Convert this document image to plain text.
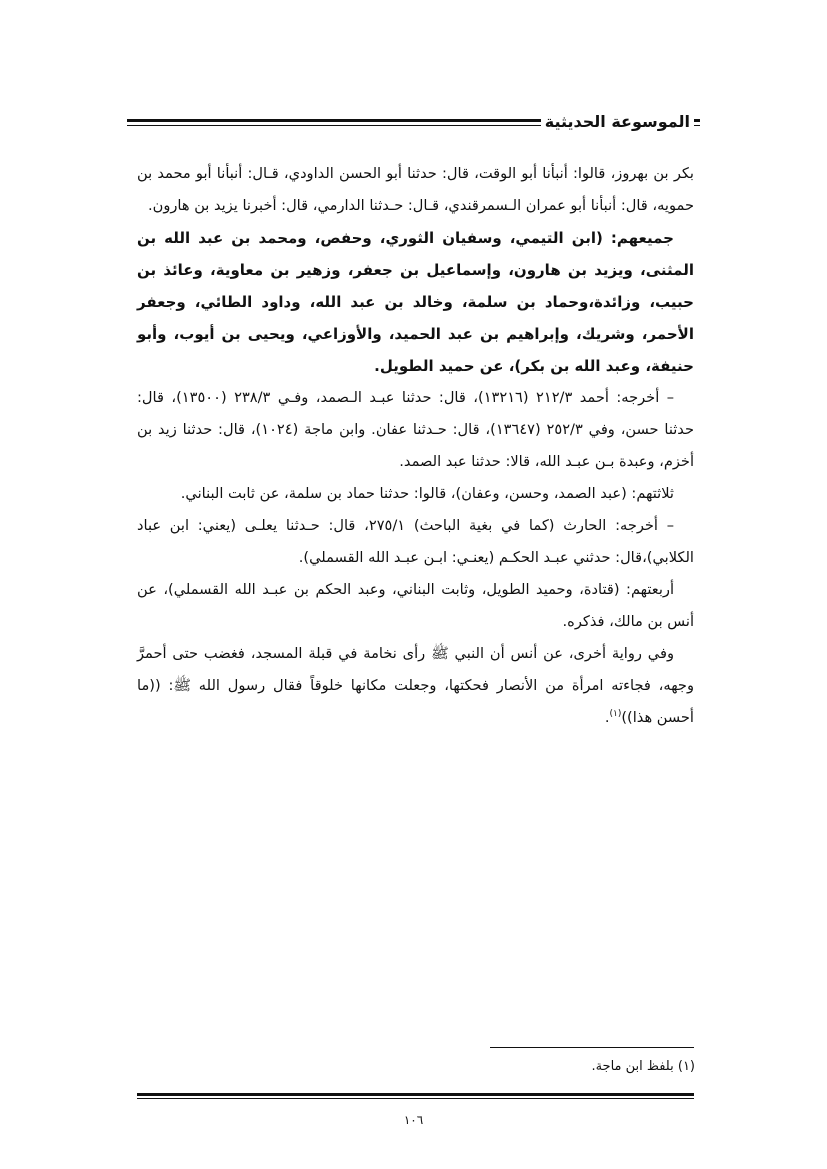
الموسوعة الحديثية

بكر بن بهروز، قالوا: أنبأنا أبو الوقت، قال: حدثنا أبو الحسن الداودي، قـال: أنبأنا أبو محمد بن حمويه، قال: أنبأنا أبو عمران الـسمرقندي، قـال: حـدثنا الدارمي، قال: أخبرنا يزيد بن هارون.

جميعهم: (ابن التيمي، وسفيان الثوري، وحفص، ومحمد بن عبد الله بن المثنى، ويزيد بن هارون، وإسماعيل بن جعفر، وزهير بن معاوية، وعائذ بن حبيب، وزائدة،وحماد بن سلمة، وخالد بن عبد الله، وداود الطائي، وجعفر الأحمر، وشريك، وإبراهيم بن عبد الحميد، والأوزاعي، ويحيى بن أيوب، وأبو حنيفة، وعبد الله بن بكر)، عن حميد الطويل.

– أخرجه: أحمد ٢١٢/٣ (١٣٢١٦)، قال: حدثنا عبـد الـصمد، وفـي ٢٣٨/٣ (١٣٥٠٠)، قال: حدثنا حسن، وفي ٢٥٢/٣ (١٣٦٤٧)، قال: حـدثنا عفان. وابن ماجة (١٠٢٤)، قال: حدثنا زيد بن أخزم، وعبدة بـن عبـد الله، قالا: حدثنا عبد الصمد.

ثلاثتهم: (عبد الصمد، وحسن، وعفان)، قالوا: حدثنا حماد بن سلمة، عن ثابت البناني.

– أخرجه: الحارث (كما في بغية الباحث) ٢٧٥/١، قال: حـدثنا يعلـى (يعني: ابن عباد الكلابي)،قال: حدثني عبـد الحكـم (يعنـي: ابـن عبـد الله القسملي).

أربعتهم: (قتادة، وحميد الطويل، وثابت البناني، وعبد الحكم بن عبـد الله القسملي)، عن أنس بن مالك، فذكره.

وفي رواية أخرى، عن أنس أن النبي ﷺ رأى نخامة في قبلة المسجد، فغضب حتى أحمرَّ وجهه، فجاءته امرأة من الأنصار فحكتها، وجعلت مكانها خلوقاً فقال رسول الله ﷺ: ((ما أحسن هذا))$^{(١)}$.

(١) بلفظ ابن ماجة.
١٠٦
